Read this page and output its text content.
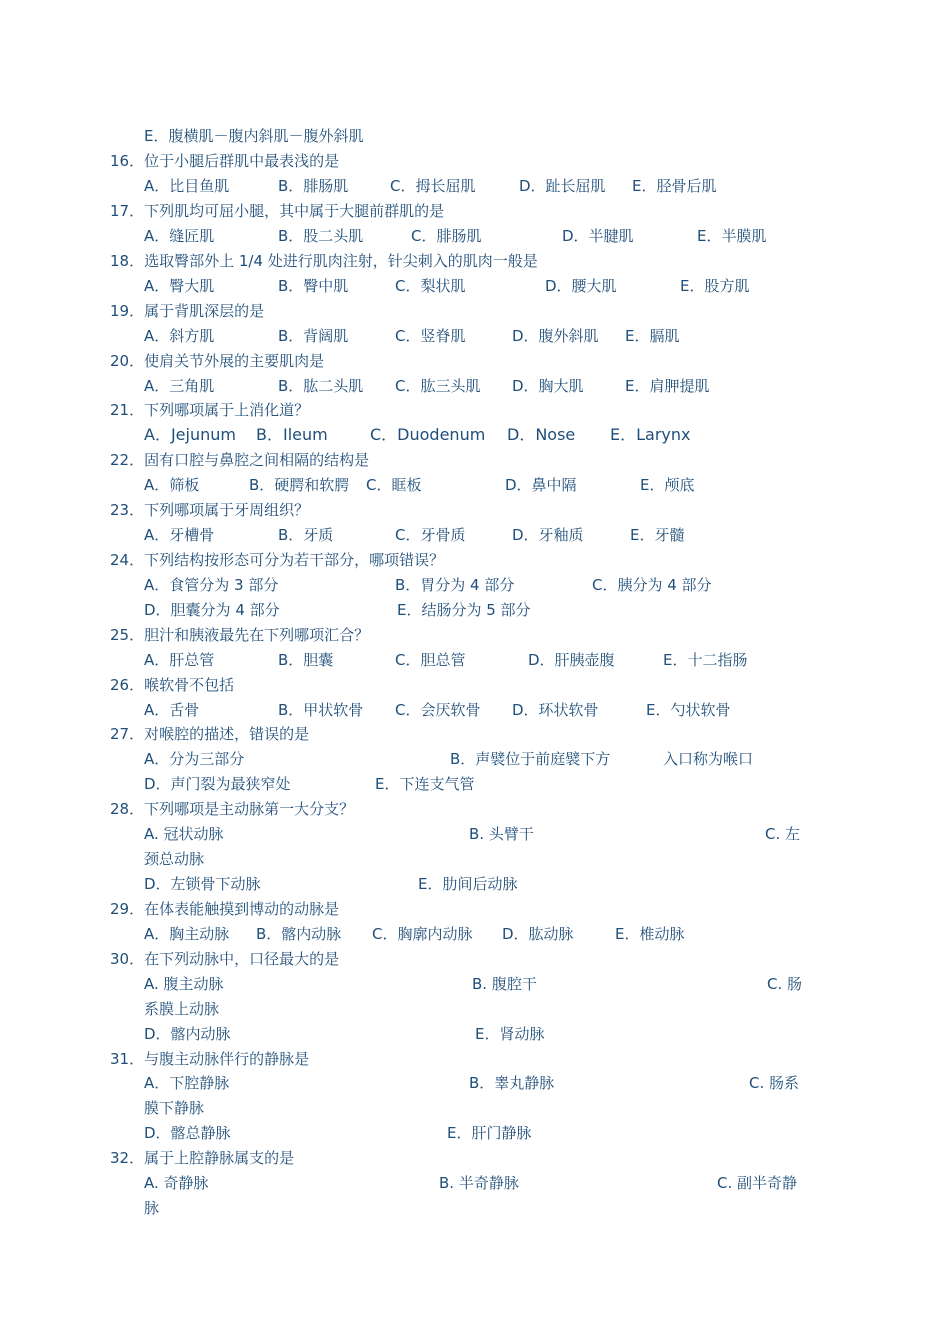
E．腹横肌－腹内斜肌－腹外斜肌
16．位于小腿后群肌中最表浅的是
A．比目鱼肌	B．腓肠肌	C．拇长屈肌	D．趾长屈肌 E．胫骨后肌
17．下列肌均可屈小腿，其中属于大腿前群肌的是
A．缝匠肌	B．股二头肌	C．腓肠肌	D．半腱肌	E．半膜肌
18．选取臀部外上 1/4 处进行肌肉注射，针尖刺入的肌肉一般是
A．臀大肌	B．臀中肌	C．梨状肌	D．腰大肌	E．股方肌
19．属于背肌深层的是
A．斜方肌	B．背阔肌	C．竖脊肌	D．腹外斜肌 E．膈肌
20．使肩关节外展的主要肌肉是
A．三角肌	B．肱二头肌 C．肱三头肌 D．胸大肌	E．肩胛提肌
21．下列哪项属于上消化道？
A．Jejunum B．Ileum	C．Duodenum D．Nose E．Larynx
22．固有口腔与鼻腔之间相隔的结构是
A．筛板	B．硬腭和软腭 C．眶板	D．鼻中隔	E．颅底
23．下列哪项属于牙周组织？
A．牙槽骨	B．牙质	C．牙骨质	D．牙釉质	E．牙髓
24．下列结构按形态可分为若干部分，哪项错误？
A．食管分为 3 部分	B．胃分为 4 部分	C．胰分为 4 部分
D．胆囊分为 4 部分	E．结肠分为 5 部分
25．胆汁和胰液最先在下列哪项汇合？
A．肝总管	B．胆囊	C．胆总管	D．肝胰壶腹	E．十二指肠
26．喉软骨不包括
A．舌骨	B．甲状软骨 C．会厌软骨 D．环状软骨	E．勺状软骨
27．对喉腔的描述，错误的是
A．分为三部分	B．声襞位于前庭襞下方	入口称为喉口
D．声门裂为最狭窄处	E．下连支气管
28．下列哪项是主动脉第一大分支？
A. 冠状动脉	B. 头臂干	C. 左
颈总动脉
D．左锁骨下动脉	E．肋间后动脉
29．在体表能触摸到博动的动脉是
A．胸主动脉 B．髂内动脉 C．胸廓内动脉 D．肱动脉	E．椎动脉
30．在下列动脉中，口径最大的是
A. 腹主动脉	B. 腹腔干	C. 肠
系膜上动脉
D．髂内动脉	E．肾动脉
31．与腹主动脉伴行的静脉是
A．下腔静脉	B．睾丸静脉	C. 肠系
膜下静脉
D．髂总静脉	E．肝门静脉
32．属于上腔静脉属支的是
A. 奇静脉	B. 半奇静脉	C. 副半奇静
脉
